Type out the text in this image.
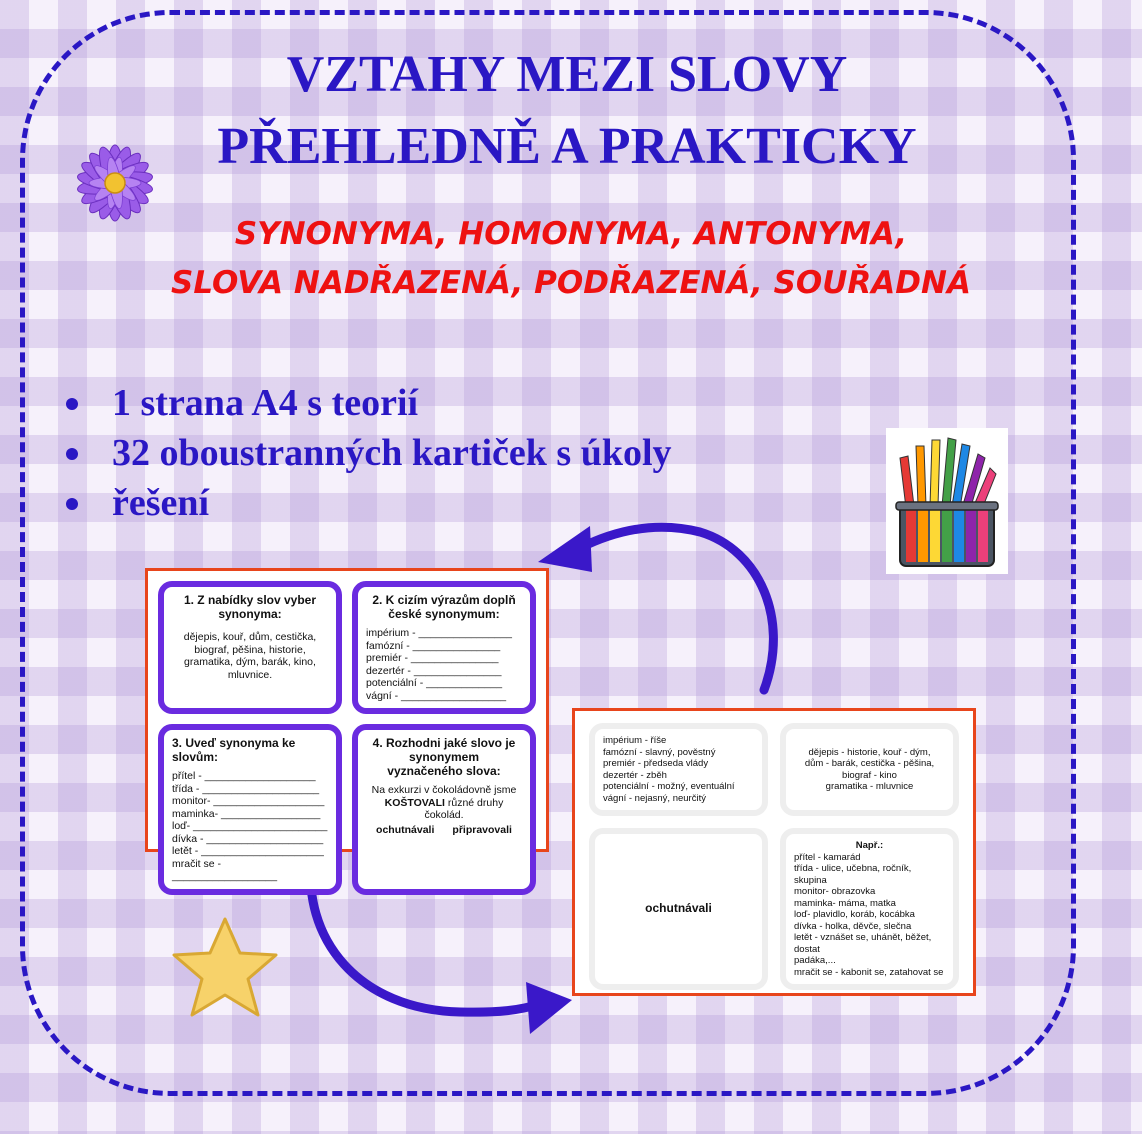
VZTAHY MEZI SLOVY
PŘEHLEDNĚ A PRAKTICKY
SYNONYMA, HOMONYMA, ANTONYMA,
SLOVA NADŘAZENÁ, PODŘAZENÁ, SOUŘADNÁ
1 strana A4 s teorií
32 oboustranných kartiček s úkoly
řešení
1. Z nabídky slov vyber
synonyma:
dějepis, kouř, dům, cestička,
biograf, pěšina, historie,
gramatika, dým, barák, kino,
mluvnice.
2. K cizím výrazům doplň
české synonymum:
impérium - ________________
famózní - _______________
premiér - _______________
dezertér - _______________
potenciální - _____________
vágní - __________________
3. Uveď synonyma ke slovům:
přítel - ___________________
třída - ____________________
monitor- ___________________
maminka- _________________
loď- _______________________
dívka - ____________________
letět - _____________________
mračit se - __________________
4. Rozhodni jaké slovo je
synonymem
vyznačeného slova:
Na exkurzi v čokoládovně jsme
KOŠTOVALI různé druhy čokolád.
ochutnávali připravovali
impérium - říše
famózní - slavný, pověstný
premiér - předseda vlády
dezertér - zběh
potenciální - možný, eventuální
vágní - nejasný, neurčitý
dějepis - historie, kouř - dým,
dům - barák, cestička - pěšina,
biograf - kino
gramatika - mluvnice
ochutnávali
Např.:
přítel - kamarád
třída - ulice, učebna, ročník, skupina
monitor- obrazovka
maminka- máma, matka
loď- plavidlo, koráb, kocábka
dívka - holka, děvče, slečna
letět - vznášet se, uhánět, běžet, dostat
padáka,...
mračit se - kabonit se, zatahovat se
